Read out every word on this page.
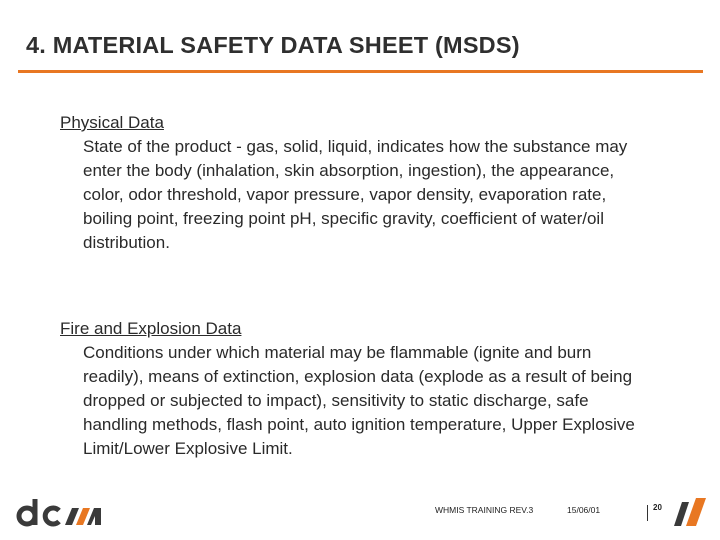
4. MATERIAL SAFETY DATA SHEET (MSDS)
Physical Data
State of the product - gas, solid, liquid, indicates how the substance may enter the body (inhalation, skin absorption, ingestion), the appearance, color, odor threshold, vapor pressure, vapor density, evaporation rate, boiling point, freezing point pH, specific gravity, coefficient of water/oil distribution.
Fire and Explosion Data
Conditions under which material may be flammable (ignite and burn readily), means of extinction, explosion data (explode as a result of being dropped or subjected to impact), sensitivity to static discharge, safe handling methods, flash point, auto ignition temperature, Upper Explosive Limit/Lower Explosive Limit.
WHMIS TRAINING REV.3	15/06/01	20
